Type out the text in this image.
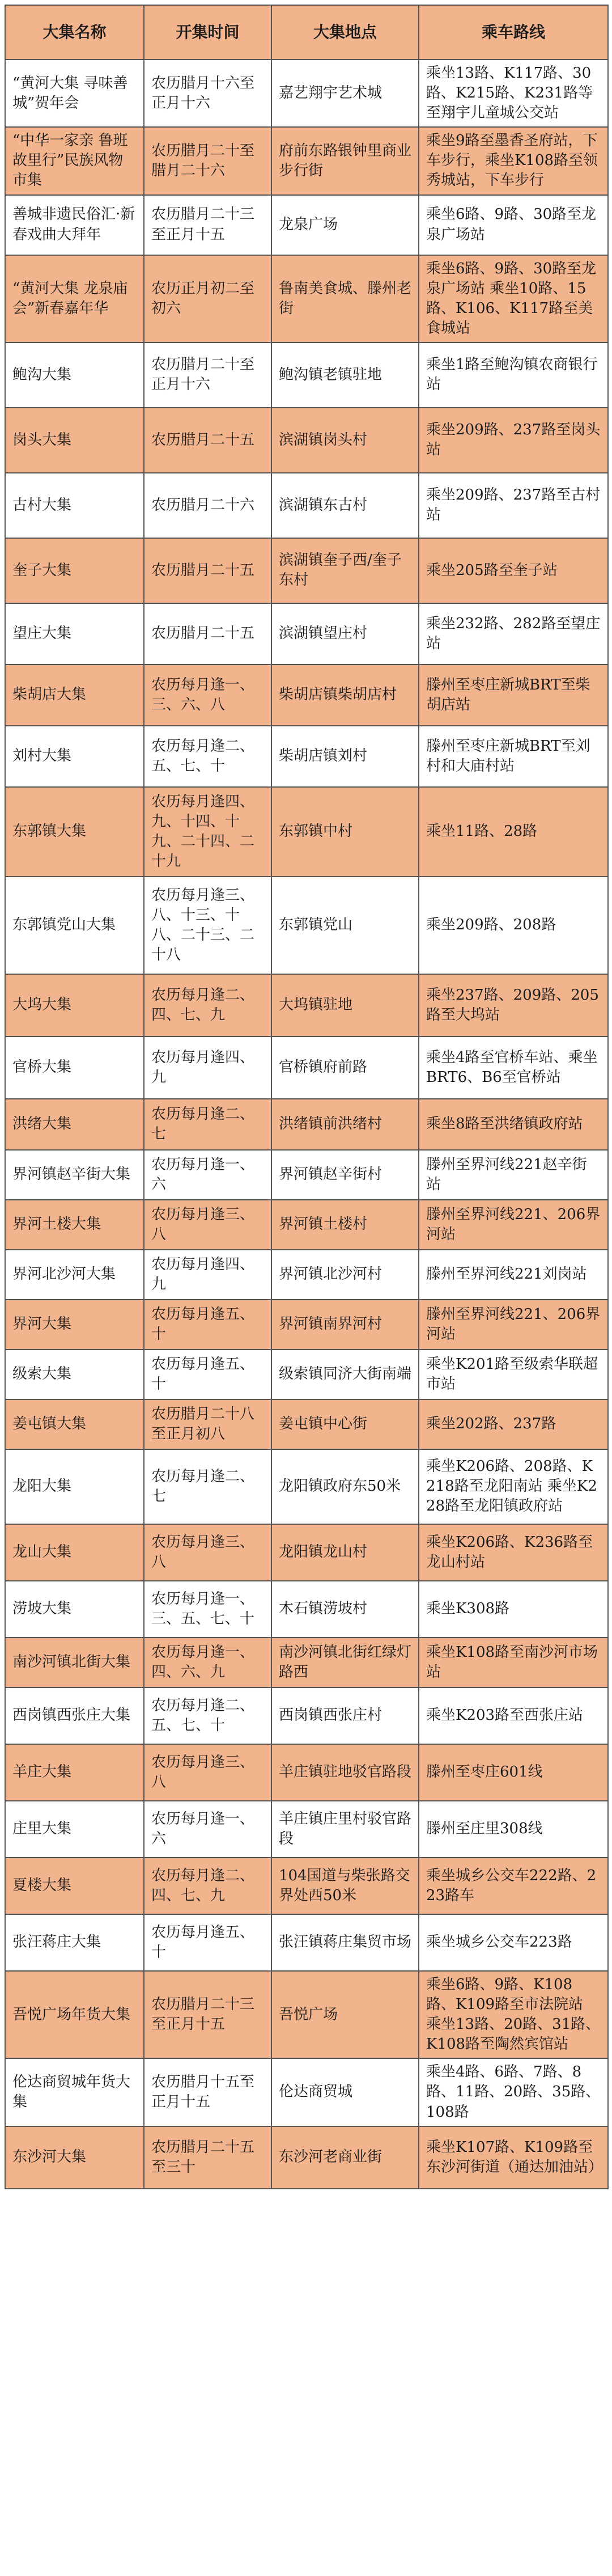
大集名称	开集时间	大集地点	乘车路线
“黄河大集 寻味善城”贺年会	农历腊月十六至正月十六	嘉艺翔宇艺术城	乘坐13路、K117路、30路、K215路、K231路等至翔宇儿童城公交站
“中华一家亲 鲁班故里行”民族风物市集	农历腊月二十至腊月二十六	府前东路银钟里商业步行街	乘坐9路至墨香圣府站，下车步行，乘坐K108路至领秀城站，下车步行
善城非遗民俗汇·新春戏曲大拜年	农历腊月二十三至正月十五	龙泉广场	乘坐6路、9路、30路至龙泉广场站
“黄河大集 龙泉庙会”新春嘉年华	农历正月初二至初六	鲁南美食城、滕州老街	乘坐6路、9路、30路至龙泉广场站 乘坐10路、15路、K106、K117路至美食城站
鲍沟大集	农历腊月二十至正月十六	鲍沟镇老镇驻地	乘坐1路至鲍沟镇农商银行站
岗头大集	农历腊月二十五	滨湖镇岗头村	乘坐209路、237路至岗头站
古村大集	农历腊月二十六	滨湖镇东古村	乘坐209路、237路至古村站
奎子大集	农历腊月二十五	滨湖镇奎子西/奎子东村	乘坐205路至奎子站
望庄大集	农历腊月二十五	滨湖镇望庄村	乘坐232路、282路至望庄站
柴胡店大集	农历每月逢一、三、六、八	柴胡店镇柴胡店村	滕州至枣庄新城BRT至柴胡店站
刘村大集	农历每月逢二、五、七、十	柴胡店镇刘村	滕州至枣庄新城BRT至刘村和大庙村站
东郭镇大集	农历每月逢四、九、十四、十九、二十四、二十九	东郭镇中村	乘坐11路、28路
东郭镇党山大集	农历每月逢三、八、十三、十八、二十三、二十八	东郭镇党山	乘坐209路、208路
大坞大集	农历每月逢二、四、七、九	大坞镇驻地	乘坐237路、209路、205路至大坞站
官桥大集	农历每月逢四、九	官桥镇府前路	乘坐4路至官桥车站、乘坐BRT6、B6至官桥站
洪绪大集	农历每月逢二、七	洪绪镇前洪绪村	乘坐8路至洪绪镇政府站
界河镇赵辛街大集	农历每月逢一、六	界河镇赵辛街村	滕州至界河线221赵辛街站
界河土楼大集	农历每月逢三、八	界河镇土楼村	滕州至界河线221、206界河站
界河北沙河大集	农历每月逢四、九	界河镇北沙河村	滕州至界河线221刘岗站
界河大集	农历每月逢五、十	界河镇南界河村	滕州至界河线221、206界河站
级索大集	农历每月逢五、十	级索镇同济大街南端	乘坐K201路至级索华联超市站
姜屯镇大集	农历腊月二十八至正月初八	姜屯镇中心街	乘坐202路、237路
龙阳大集	农历每月逢二、七	龙阳镇政府东50米	乘坐K206路、208路、K218路至龙阳南站 乘坐K228路至龙阳镇政府站
龙山大集	农历每月逢三、八	龙阳镇龙山村	乘坐K206路、K236路至龙山村站
涝坡大集	农历每月逢一、三、五、七、十	木石镇涝坡村	乘坐K308路
南沙河镇北街大集	农历每月逢一、四、六、九	南沙河镇北街红绿灯路西	乘坐K108路至南沙河市场站
西岗镇西张庄大集	农历每月逢二、五、七、十	西岗镇西张庄村	乘坐K203路至西张庄站
羊庄大集	农历每月逢三、八	羊庄镇驻地驳官路段	滕州至枣庄601线
庄里大集	农历每月逢一、六	羊庄镇庄里村驳官路段	滕州至庄里308线
夏楼大集	农历每月逢二、四、七、九	104国道与柴张路交界处西50米	乘坐城乡公交车222路、223路车
张汪蒋庄大集	农历每月逢五、十	张汪镇蒋庄集贸市场	乘坐城乡公交车223路
吾悦广场年货大集	农历腊月二十三至正月十五	吾悦广场	乘坐6路、9路、K108路、K109路至市法院站 乘坐13路、20路、31路、K108路至陶然宾馆站
伦达商贸城年货大集	农历腊月十五至正月十五	伦达商贸城	乘坐4路、6路、7路、8路、11路、20路、35路、108路
东沙河大集	农历腊月二十五至三十	东沙河老商业街	乘坐K107路、K109路至东沙河街道（通达加油站）
